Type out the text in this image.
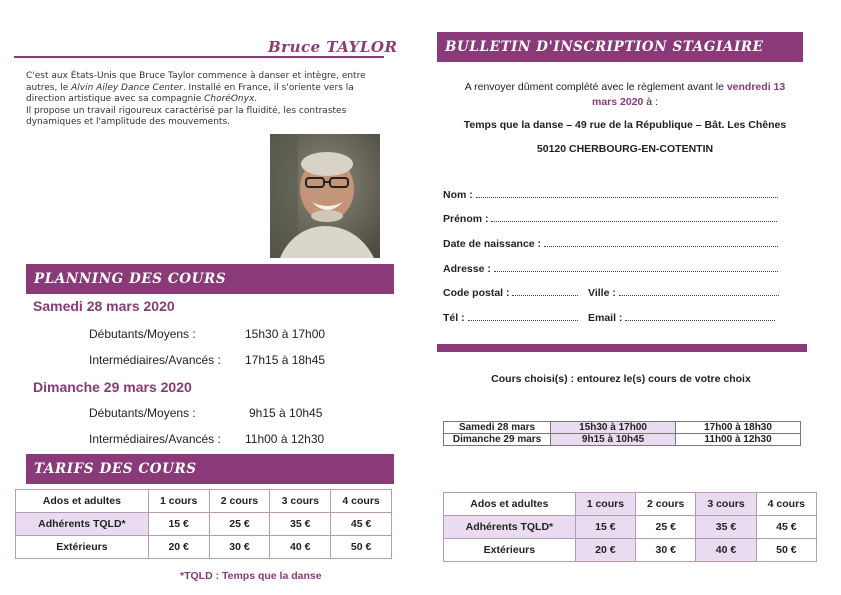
Bruce TAYLOR

C'est aux États-Unis que Bruce Taylor commence à danser et intègre, entre autres, le Alvin Ailey Dance Center. Installé en France, il s'oriente vers la direction artistique avec sa compagnie ChoréOnyx.

Il propose un travail rigoureux caractérisé par la fluidité, les contrastes dynamiques et l'amplitude des mouvements.

PLANNING DES COURS
Samedi 28 mars 2020
Débutants/Moyens :	15h30 à 17h00
Intermédiaires/Avancés : 17h15 à 18h45
Dimanche 29 mars 2020
Débutants/Moyens :	9h15 à 10h45
Intermédiaires/Avancés : 11h00 à 12h30
TARIFS DES COURS
Ados et adultes	1 cours	2 cours	3 cours	4 cours
Adhérents TQLD*	15 €	25 €	35 €	45 €
Extérieurs	20 €	30 €	40 €	50 €
*TQLD : Temps que la danse
BULLETIN D'INSCRIPTION STAGIAIRE
A renvoyer dûment complété avec le règlement avant le vendredi 13
mars 2020 à :
Temps que la danse – 49 rue de la République – Bât. Les Chênes
50120 CHERBOURG-EN-COTENTIN
Nom :
Prénom :
Date de naissance :
Adresse :
Code postal :	Ville :
Tél :	Email :
Cours choisi(s) : entourez le(s) cours de votre choix
Samedi 28 mars	15h30 à 17h00	17h00 à 18h30
Dimanche 29 mars	9h15 à 10h45	11h00 à 12h30
Ados et adultes	1 cours	2 cours	3 cours	4 cours
Adhérents TQLD*	15 €	25 €	35 €	45 €
Extérieurs	20 €	30 €	40 €	50 €
